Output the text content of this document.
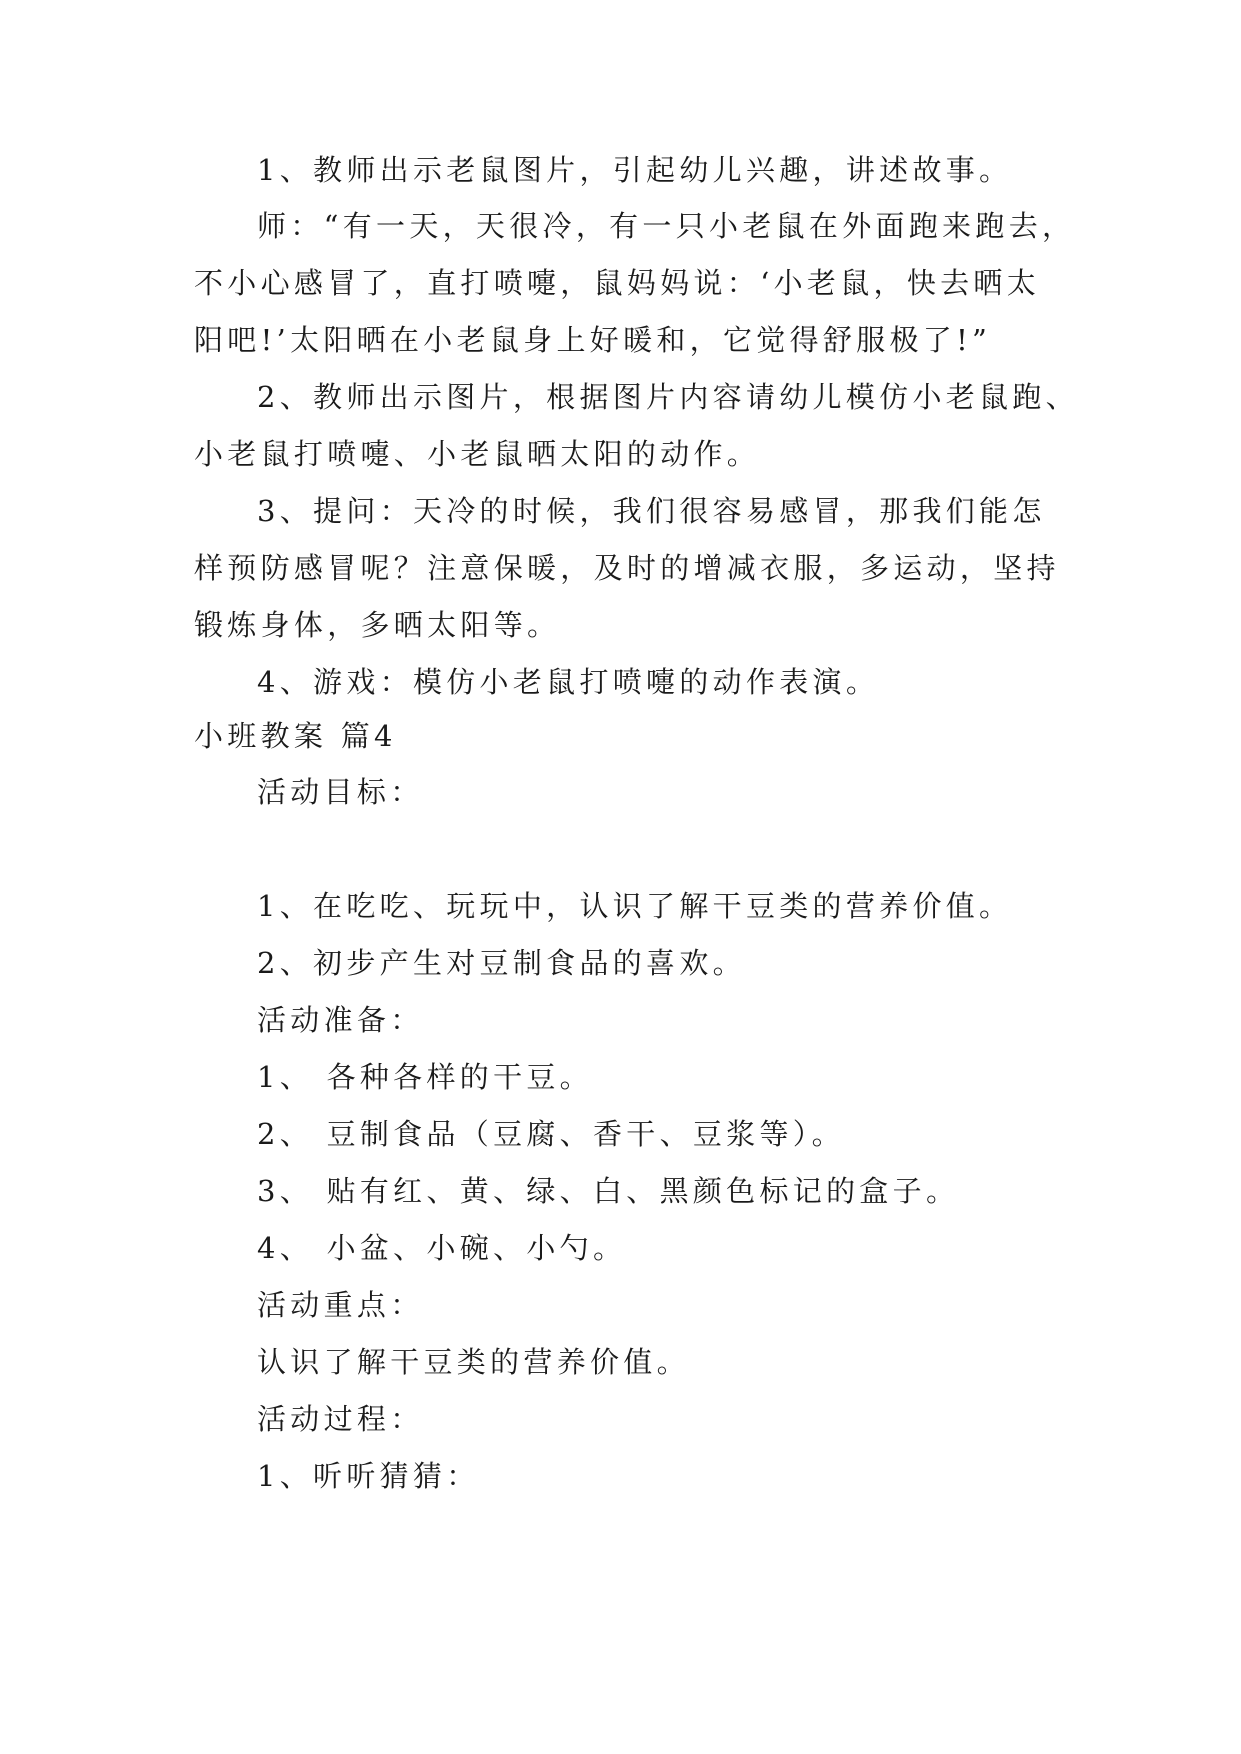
1、教师出示老鼠图片，引起幼儿兴趣，讲述故事。
师：“有一天，天很冷，有一只小老鼠在外面跑来跑去，
不小心感冒了，直打喷嚏，鼠妈妈说：‘小老鼠，快去晒太
阳吧!’太阳晒在小老鼠身上好暖和，它觉得舒服极了!”
2、教师出示图片，根据图片内容请幼儿模仿小老鼠跑、
小老鼠打喷嚏、小老鼠晒太阳的动作。
3、提问：天冷的时候，我们很容易感冒，那我们能怎
样预防感冒呢？注意保暖，及时的增减衣服，多运动，坚持
锻炼身体，多晒太阳等。
4、游戏：模仿小老鼠打喷嚏的动作表演。
小班教案 篇4
活动目标：
1、在吃吃、玩玩中，认识了解干豆类的营养价值。
2、初步产生对豆制食品的喜欢。
活动准备：
1、 各种各样的干豆。
2、 豆制食品（豆腐、香干、豆浆等）。
3、 贴有红、黄、绿、白、黑颜色标记的盒子。
4、 小盆、小碗、小勺。
活动重点：
认识了解干豆类的营养价值。
活动过程：
1、听听猜猜：
